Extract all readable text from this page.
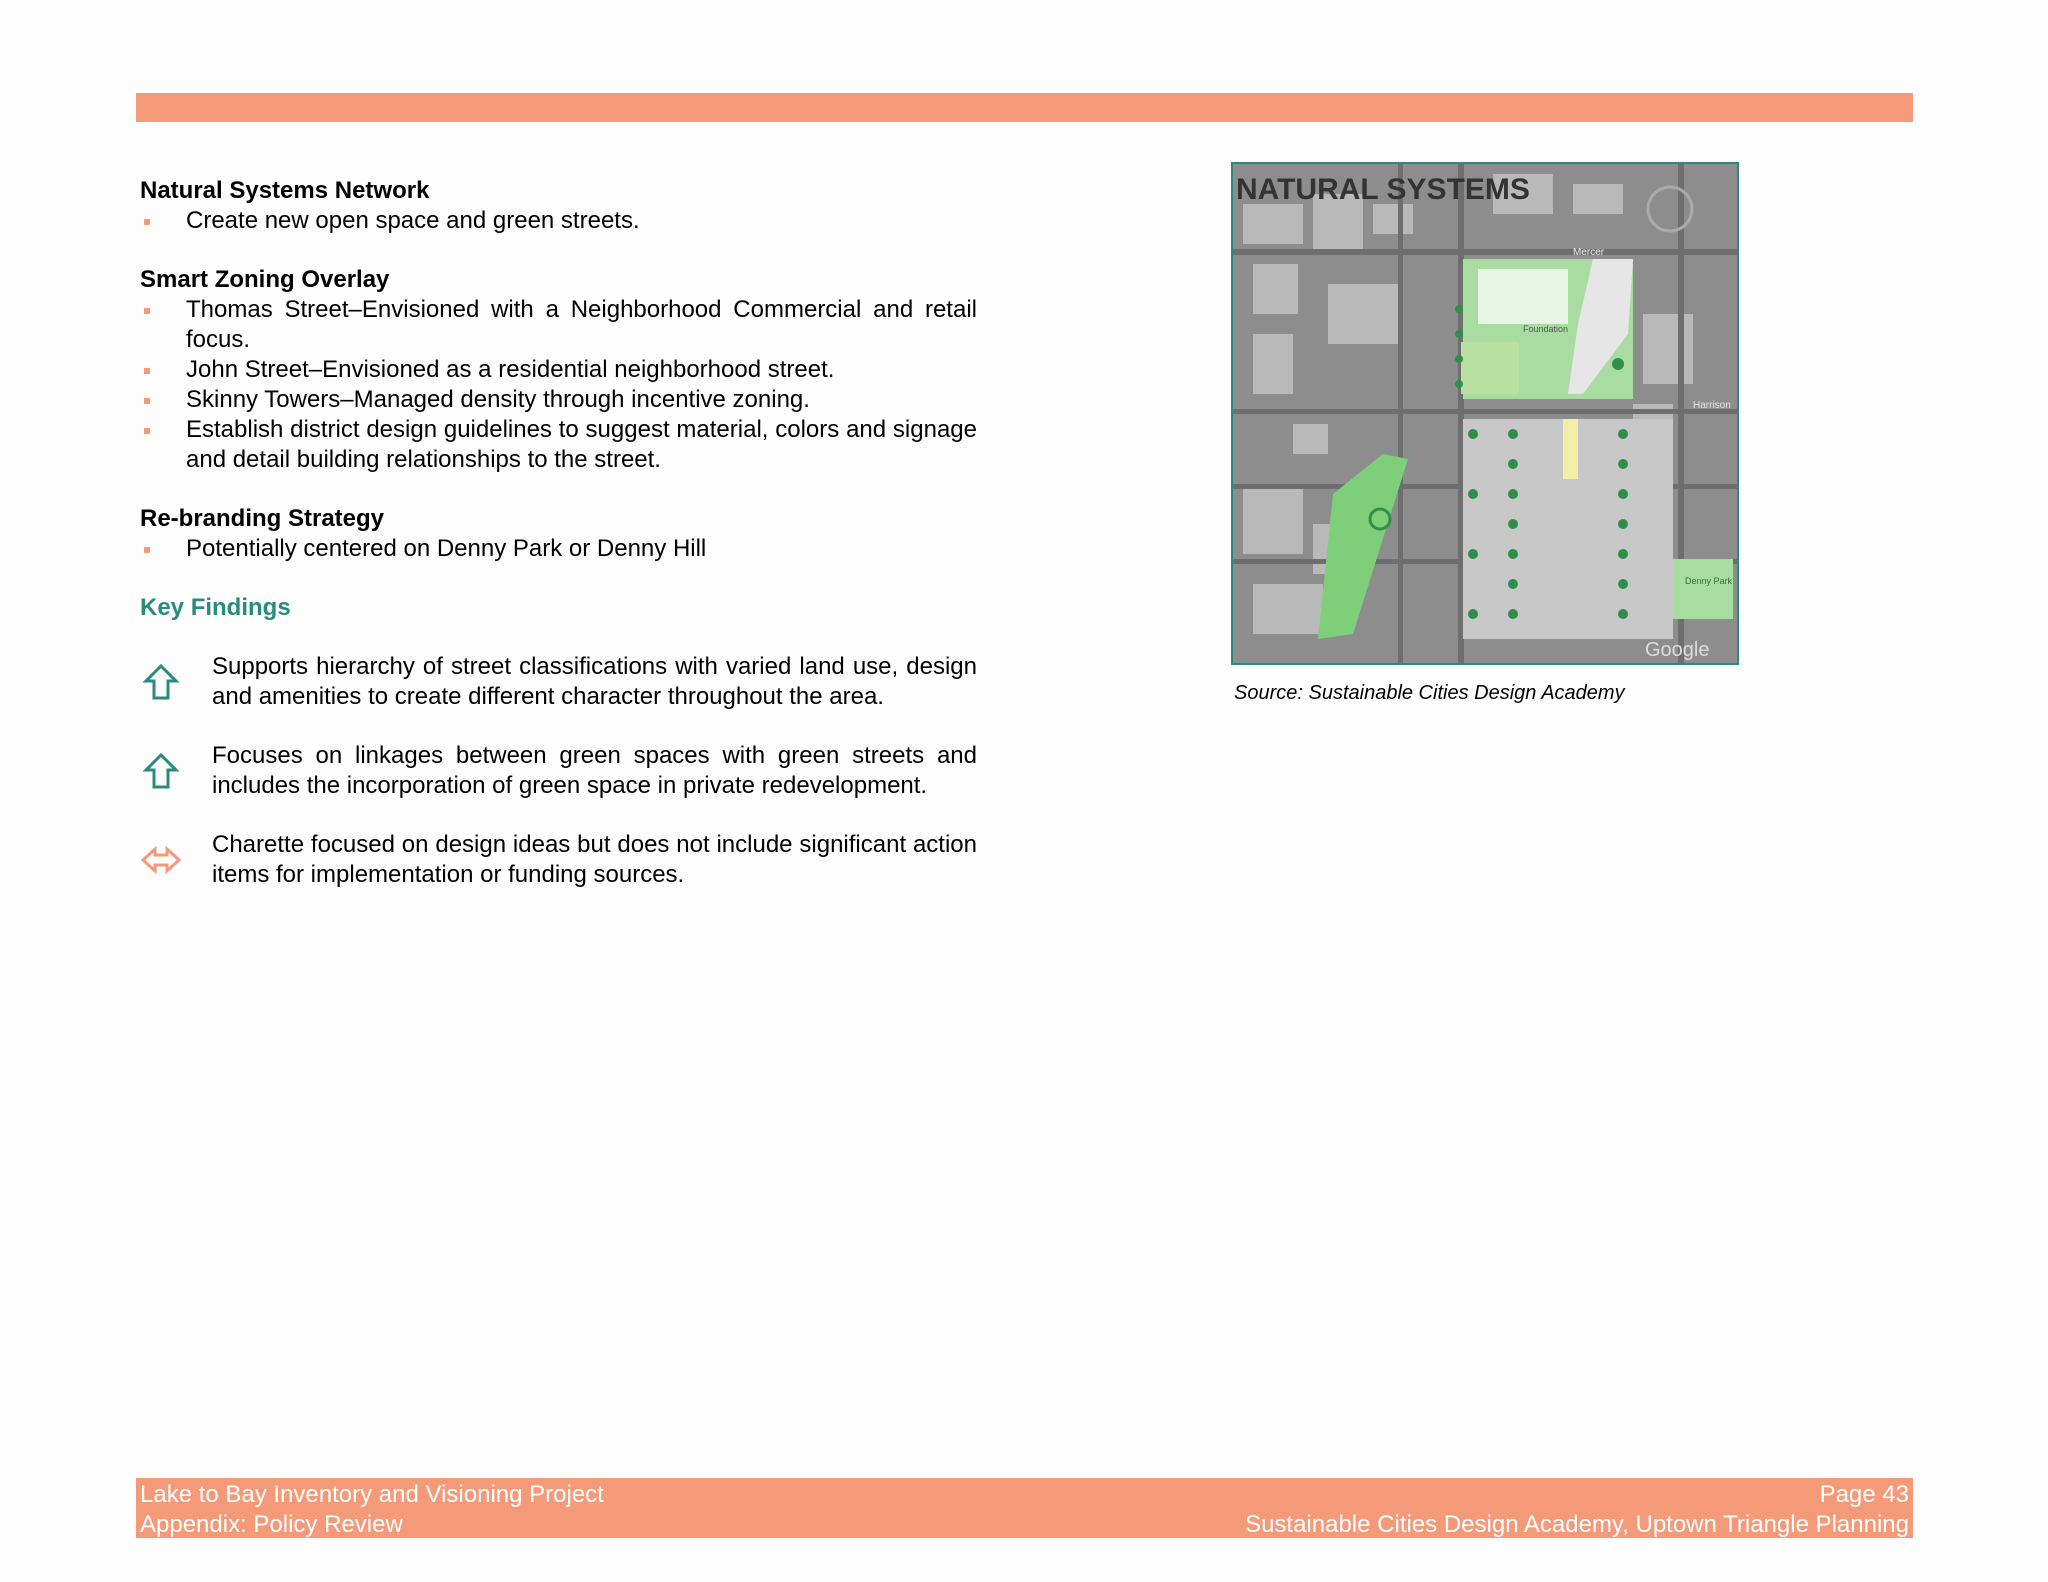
Natural Systems Network

Create new open space and green streets.

Smart Zoning Overlay

Thomas Street–Envisioned with a Neighborhood Commercial and retail focus.
John Street–Envisioned as a residential neighborhood street.
Skinny Towers–Managed density through incentive zoning.
Establish district design guidelines to suggest material, colors and signage and detail building relationships to the street.

Re-branding Strategy

Potentially centered on Denny Park or Denny Hill

Key Findings

Supports hierarchy of street classifications with varied land use, design and amenities to create different character throughout the area.
Focuses on linkages between green spaces with green streets and includes the incorporation of green space in private redevelopment.
Charette focused on design ideas but does not include significant action items for implementation or funding sources.
Mercer
Harrison
Denny Park
Foundation
Google
NATURAL SYSTEMS
Source: Sustainable Cities Design Academy
Lake to Bay Inventory and Visioning Project
Appendix: Policy Review
Page 43
Sustainable Cities Design Academy, Uptown Triangle Planning
